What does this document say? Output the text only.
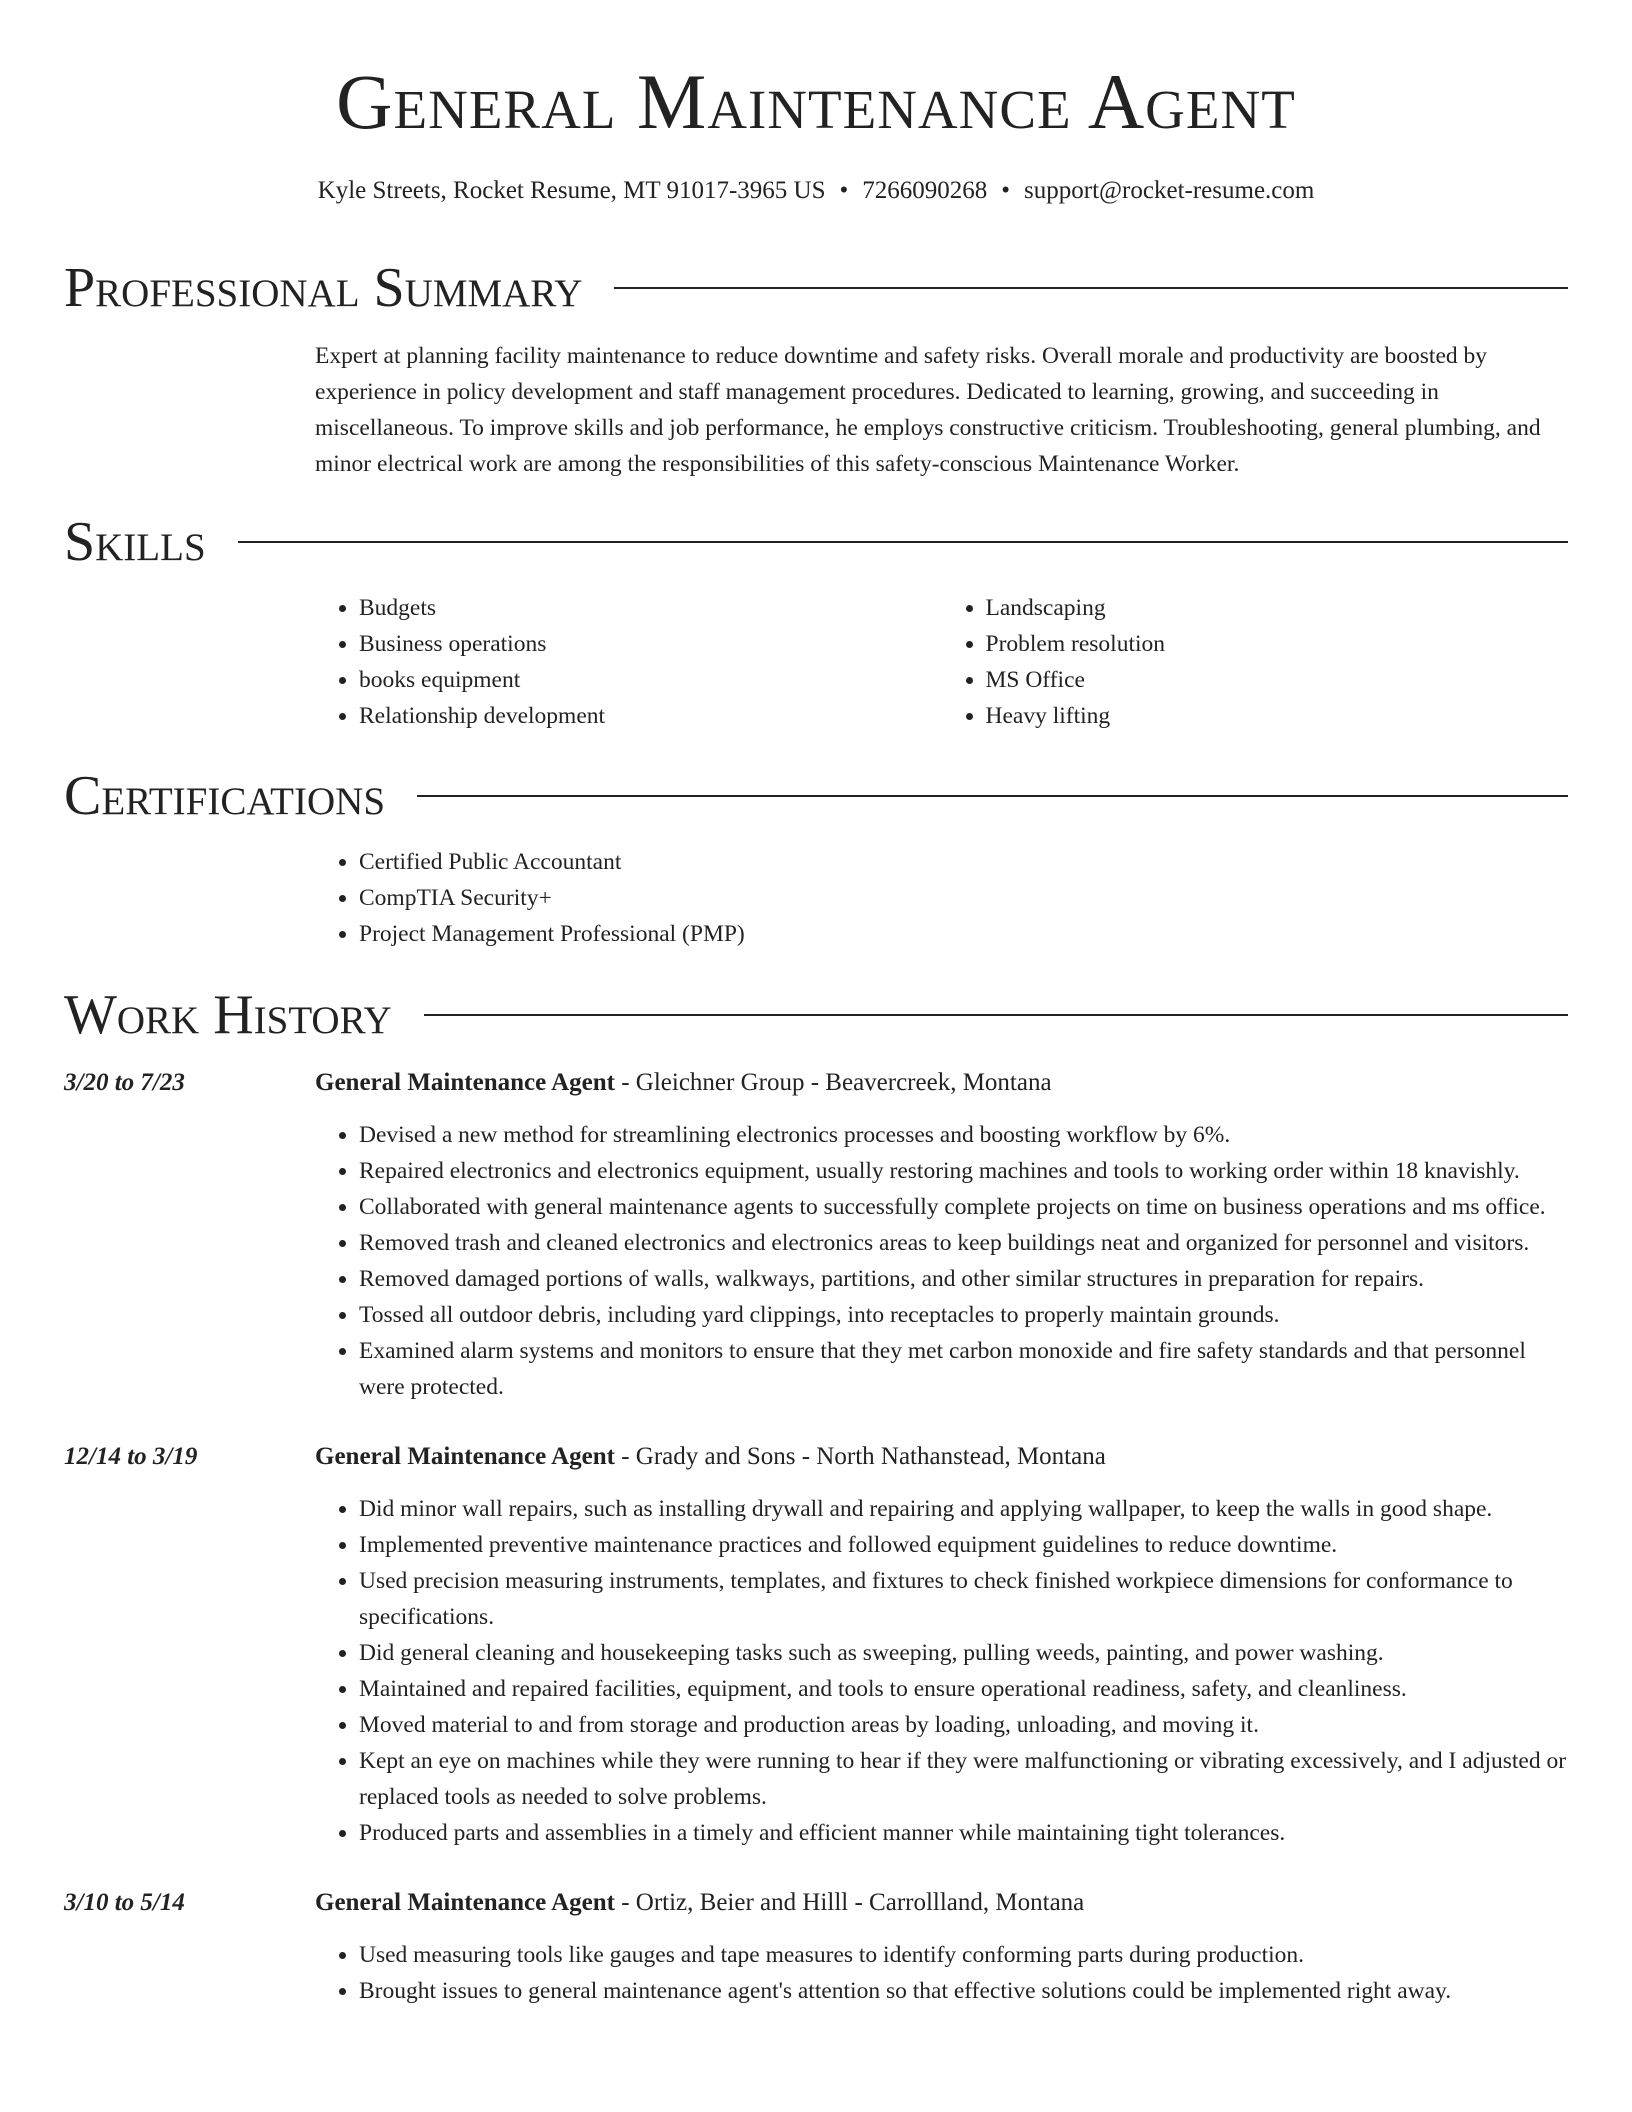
General Maintenance Agent
Kyle Streets, Rocket Resume, MT 91017-3965 US • 7266090268 • support@rocket-resume.com
Professional Summary

Expert at planning facility maintenance to reduce downtime and safety risks. Overall morale and productivity are boosted by experience in policy development and staff management procedures. Dedicated to learning, growing, and succeeding in miscellaneous. To improve skills and job performance, he employs constructive criticism. Troubleshooting, general plumbing, and minor electrical work are among the responsibilities of this safety-conscious Maintenance Worker.

Skills
• Budgets
• Business operations
• books equipment
• Relationship development
• Landscaping
• Problem resolution
• MS Office
• Heavy lifting
Certifications
• Certified Public Accountant
• CompTIA Security+
• Project Management Professional (PMP)
Work History
3/20 to 7/23	General Maintenance Agent - Gleichner Group - Beavercreek, Montana
• Devised a new method for streamlining electronics processes and boosting workflow by 6%.
• Repaired electronics and electronics equipment, usually restoring machines and tools to working order within 18 knavishly.
• Collaborated with general maintenance agents to successfully complete projects on time on business operations and ms office.
• Removed trash and cleaned electronics and electronics areas to keep buildings neat and organized for personnel and visitors.
• Removed damaged portions of walls, walkways, partitions, and other similar structures in preparation for repairs.
• Tossed all outdoor debris, including yard clippings, into receptacles to properly maintain grounds.
• Examined alarm systems and monitors to ensure that they met carbon monoxide and fire safety standards and that personnel were protected.
12/14 to 3/19	General Maintenance Agent - Grady and Sons - North Nathanstead, Montana
• Did minor wall repairs, such as installing drywall and repairing and applying wallpaper, to keep the walls in good shape.
• Implemented preventive maintenance practices and followed equipment guidelines to reduce downtime.
• Used precision measuring instruments, templates, and fixtures to check finished workpiece dimensions for conformance to specifications.
• Did general cleaning and housekeeping tasks such as sweeping, pulling weeds, painting, and power washing.
• Maintained and repaired facilities, equipment, and tools to ensure operational readiness, safety, and cleanliness.
• Moved material to and from storage and production areas by loading, unloading, and moving it.
• Kept an eye on machines while they were running to hear if they were malfunctioning or vibrating excessively, and I adjusted or replaced tools as needed to solve problems.
• Produced parts and assemblies in a timely and efficient manner while maintaining tight tolerances.
3/10 to 5/14	General Maintenance Agent - Ortiz, Beier and Hilll - Carrollland, Montana
• Used measuring tools like gauges and tape measures to identify conforming parts during production.
• Brought issues to general maintenance agent's attention so that effective solutions could be implemented right away.
